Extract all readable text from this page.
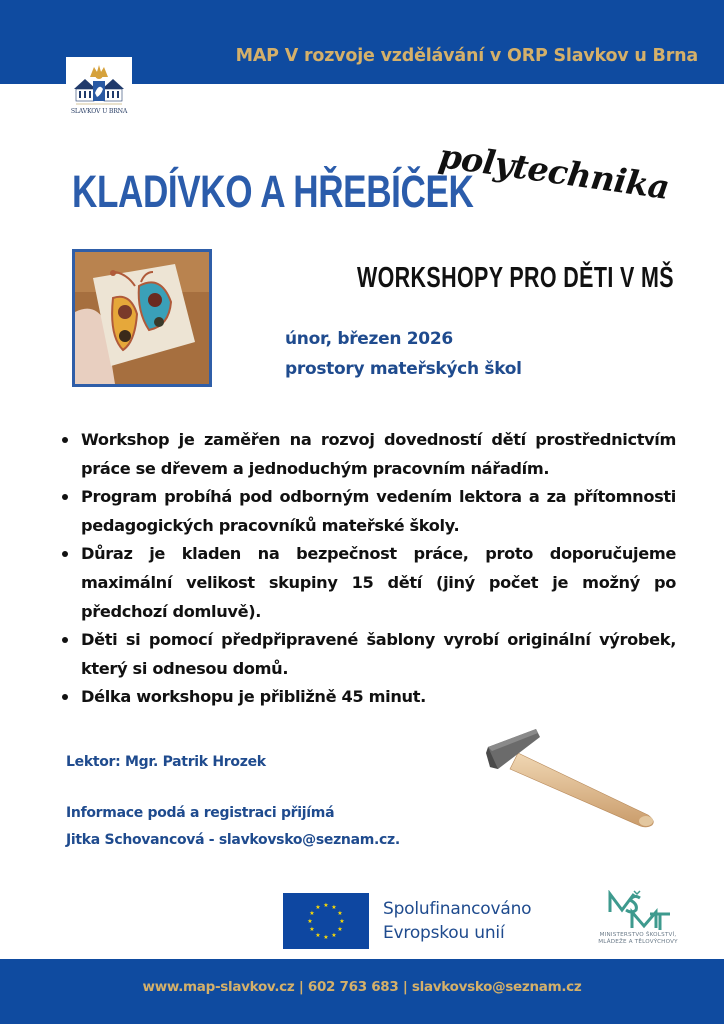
MAP V rozvoje vzdělávání v ORP Slavkov u Brna
SLAVKOV U BRNA
KLADÍVKO A HŘEBÍČEK
polytechnika
WORKSHOPY PRO DĚTI V MŠ
únor, březen 2026
prostory mateřských škol
Workshop je zaměřen na rozvoj dovedností dětí prostřednictvím práce se dřevem a jednoduchým pracovním nářadím.
Program probíhá pod odborným vedením lektora a za přítomnosti pedagogických pracovníků mateřské školy.
Důraz je kladen na bezpečnost práce, proto doporučujeme maximální velikost skupiny 15 dětí (jiný počet je možný po předchozí domluvě).
Děti si pomocí předpřipravené šablony vyrobí originální výrobek, který si odnesou domů.
Délka workshopu je přibližně 45 minut.
Lektor: Mgr. Patrik Hrozek
Informace podá a registraci přijímá
Jitka Schovancová - slavkovsko@seznam.cz.
★ ★
★
★
★
★
★
★
★
★
★
★	Spolufinancováno
Evropskou unií	MINISTERSTVO ŠKOLSTVÍ,
MLÁDEŽE A TĚLOVÝCHOVY
www.map-slavkov.cz | 602 763 683 | slavkovsko@seznam.cz
